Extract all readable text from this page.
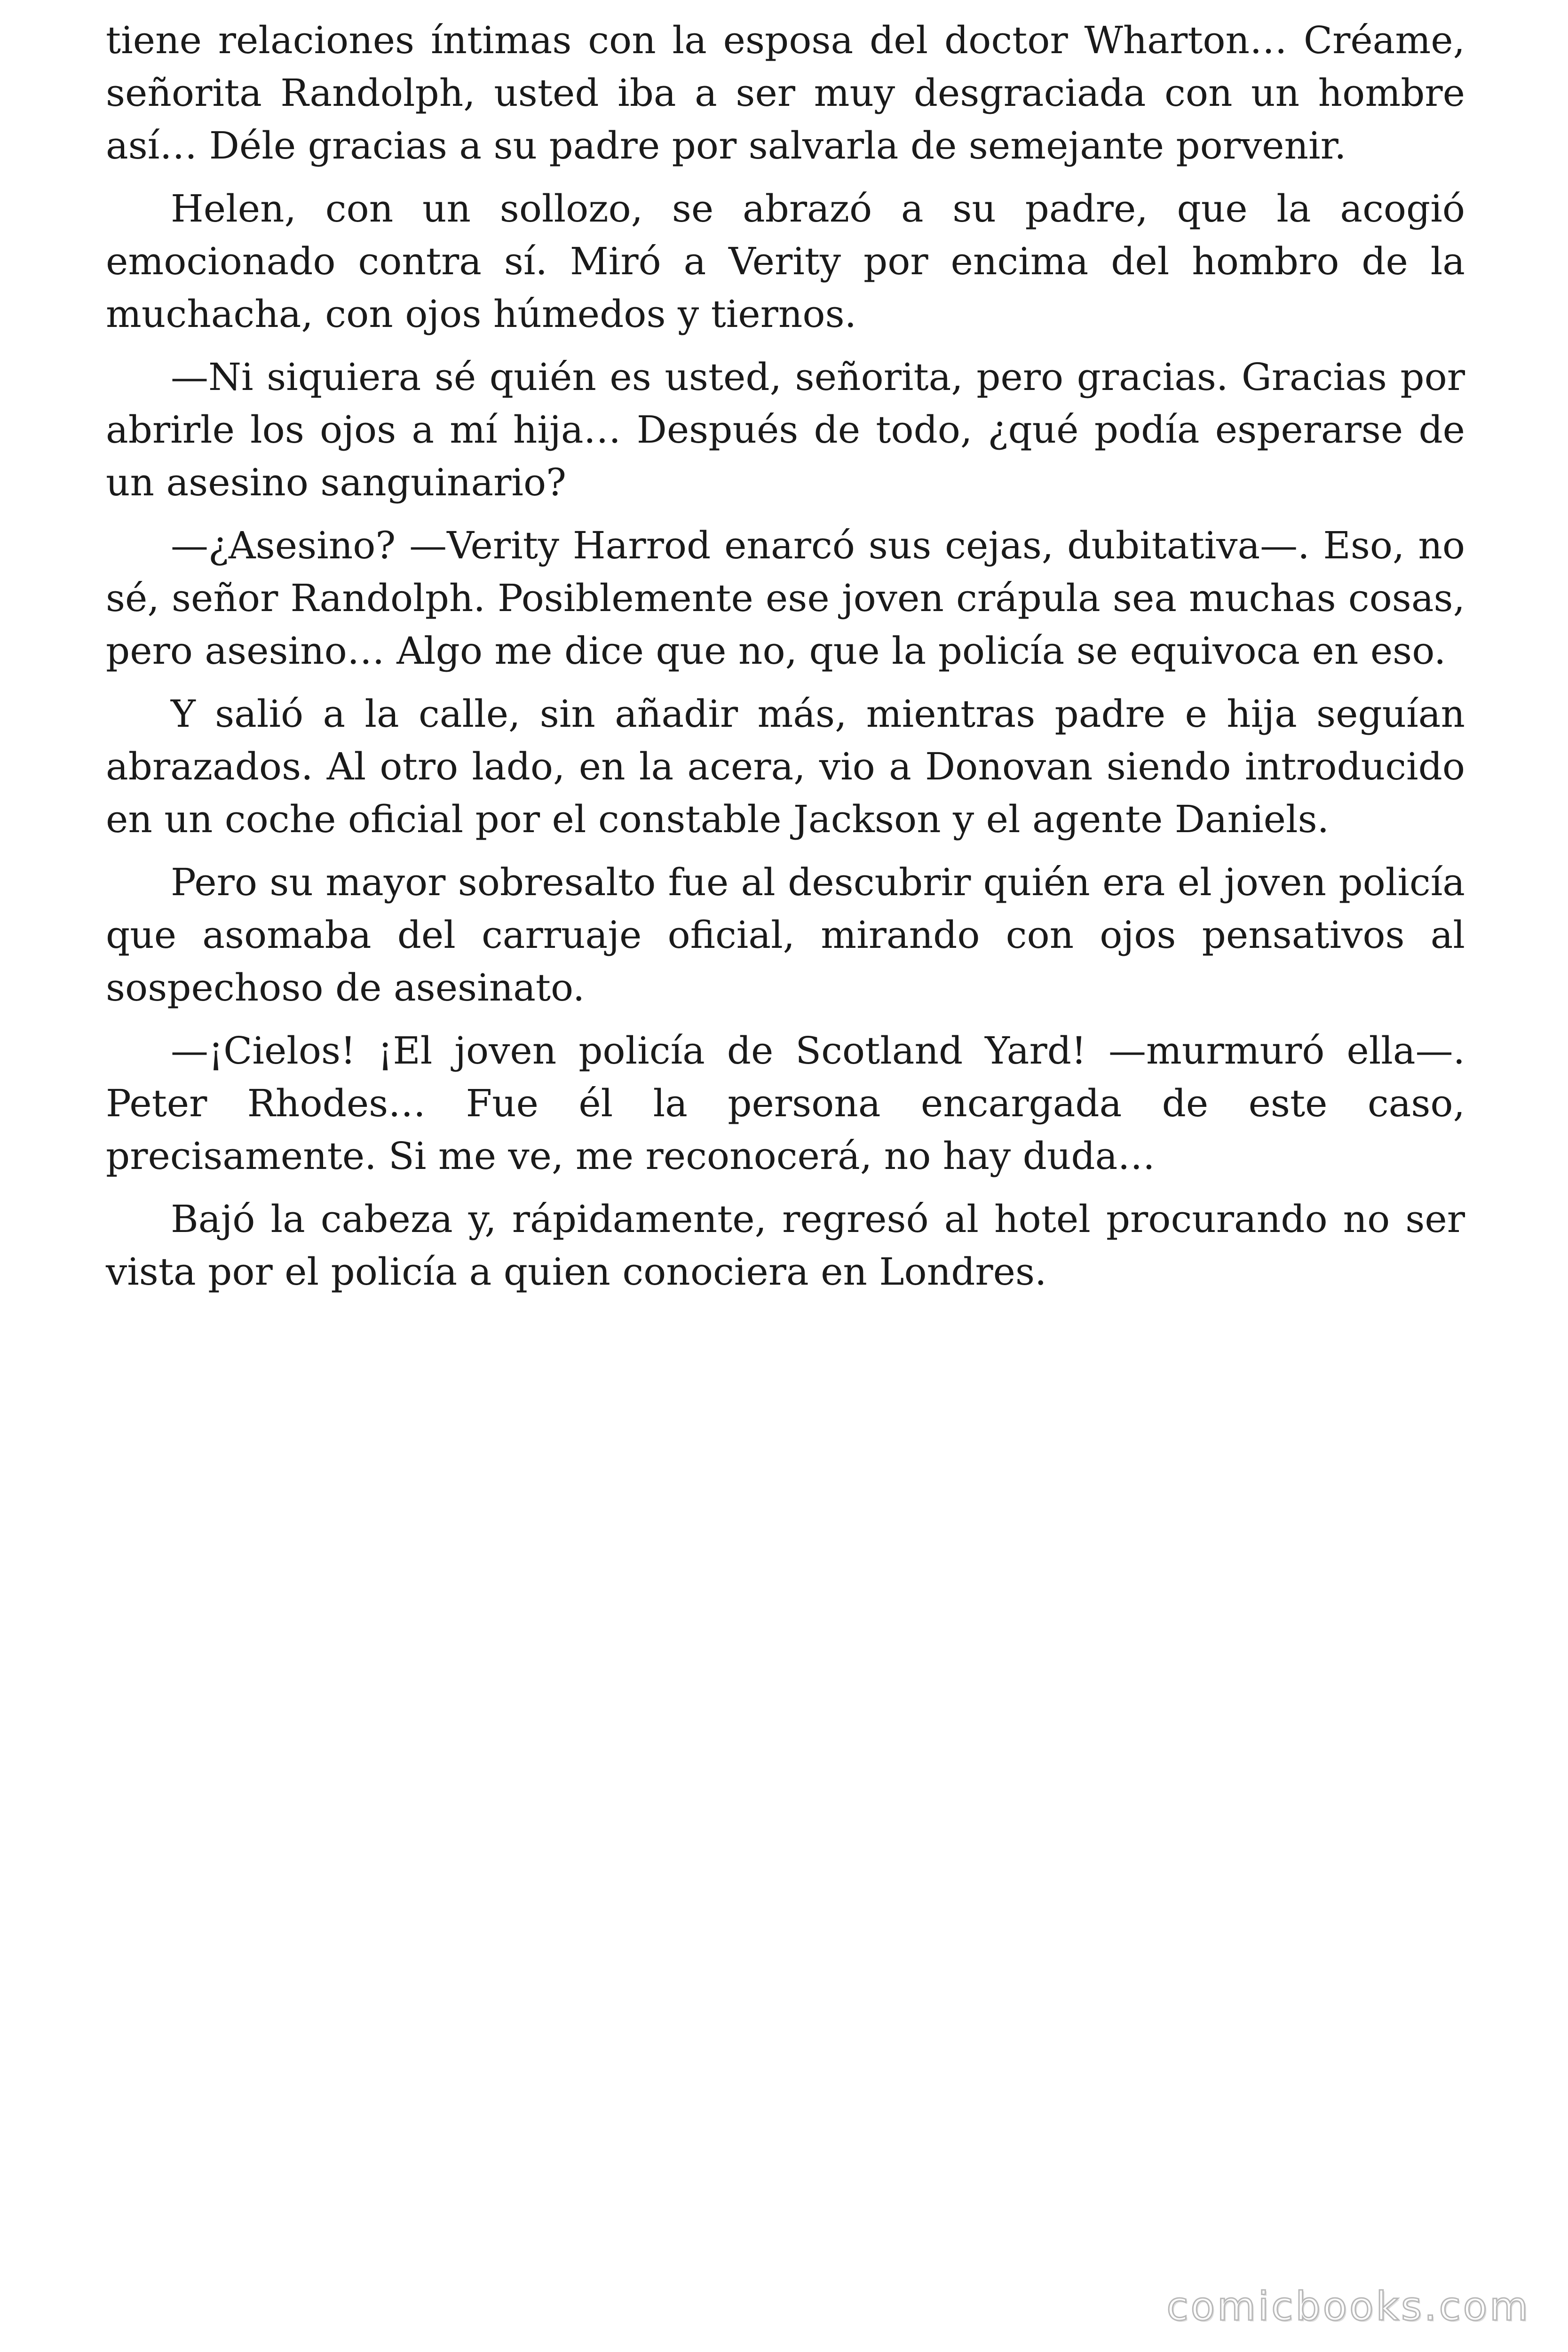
tiene relaciones íntimas con la esposa del doctor Wharton… Créame, señorita Randolph, usted iba a ser muy desgraciada con un hombre así… Déle gracias a su padre por salvarla de semejante porvenir.

Helen, con un sollozo, se abrazó a su padre, que la acogió emocionado contra sí. Miró a Verity por encima del hombro de la muchacha, con ojos húmedos y tiernos.

—Ni siquiera sé quién es usted, señorita, pero gracias. Gracias por abrirle los ojos a mí hija… Después de todo, ¿qué podía esperarse de un asesino sanguinario?

—¿Asesino? —Verity Harrod enarcó sus cejas, dubitativa—. Eso, no sé, señor Randolph. Posiblemente ese joven crápula sea muchas cosas, pero asesino… Algo me dice que no, que la policía se equivoca en eso.

Y salió a la calle, sin añadir más, mientras padre e hija seguían abrazados. Al otro lado, en la acera, vio a Donovan siendo introducido en un coche oficial por el constable Jackson y el agente Daniels.

Pero su mayor sobresalto fue al descubrir quién era el joven policía que asomaba del carruaje oficial, mirando con ojos pensativos al sospechoso de asesinato.

—¡Cielos! ¡El joven policía de Scotland Yard! —murmuró ella—. Peter Rhodes… Fue él la persona encargada de este caso, precisamente. Si me ve, me reconocerá, no hay duda…

Bajó la cabeza y, rápidamente, regresó al hotel procurando no ser vista por el policía a quien conociera en Londres.

comicbooks.com
